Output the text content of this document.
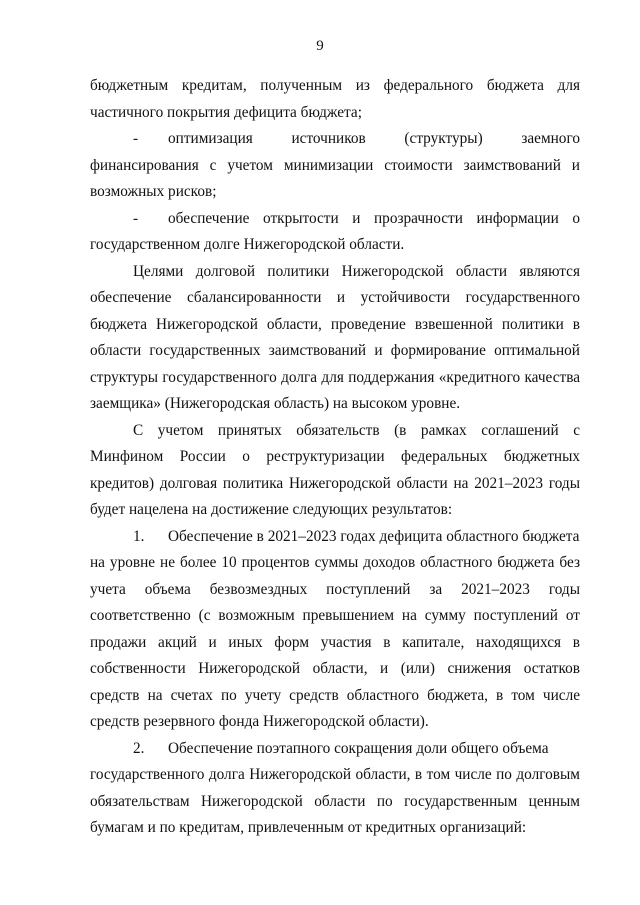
9

бюджетным кредитам, полученным из федерального бюджета для частичного покрытия дефицита бюджета;

-	оптимизация источников (структуры) заемного

финансирования с учетом минимизации стоимости заимствований и возможных рисков;

-	обеспечение открытости и прозрачности информации о

государственном долге Нижегородской области.

Целями долговой политики Нижегородской области являются обеспечение сбалансированности и устойчивости государственного бюджета Нижегородской области, проведение взвешенной политики в области государственных заимствований и формирование оптимальной структуры государственного долга для поддержания «кредитного качества заемщика» (Нижегородская область) на высоком уровне.

С учетом принятых обязательств (в рамках соглашений с Минфином России о реструктуризации федеральных бюджетных кредитов) долговая политика Нижегородской области на 2021–2023 годы будет нацелена на достижение следующих результатов:

1.	Обеспечение в 2021–2023 годах дефицита областного бюджета

на уровне не более 10 процентов суммы доходов областного бюджета без учета объема безвозмездных поступлений за 2021–2023 годы соответственно (с возможным превышением на сумму поступлений от продажи акций и иных форм участия в капитале, находящихся в собственности Нижегородской области, и (или) снижения остатков средств на счетах по учету средств областного бюджета, в том числе средств резервного фонда Нижегородской области).

2.	Обеспечение поэтапного сокращения доли общего объема

государственного долга Нижегородской области, в том числе по долговым обязательствам Нижегородской области по государственным ценным бумагам и по кредитам, привлеченным от кредитных организаций:
